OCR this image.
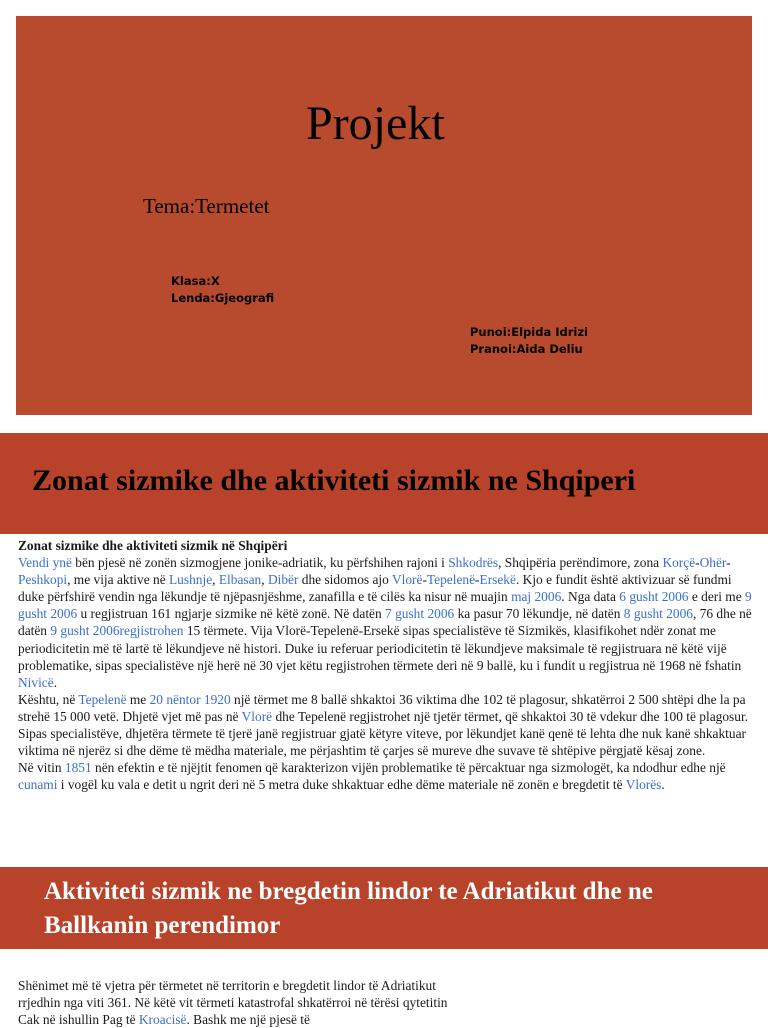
Projekt
Tema:Termetet
Klasa:X
Lenda:Gjeografi
Punoi:Elpida Idrizi
Pranoi:Aida Deliu
Zonat sizmike dhe aktiviteti sizmik ne Shqiperi

Zonat sizmike dhe aktiviteti sizmik në Shqipëri

Vendi ynë bën pjesë në zonën sizmogjene jonike-adriatik, ku përfshihen rajoni i Shkodrës, Shqipëria perëndimore, zona Korçë-Ohër-Peshkopi, me vija aktive në Lushnje, Elbasan, Dibër dhe sidomos ajo Vlorë-Tepelenë-Ersekë. Kjo e fundit është aktivizuar së fundmi duke përfshirë vendin nga lëkundje të njëpasnjëshme, zanafilla e të cilës ka nisur në muajin maj 2006. Nga data 6 gusht 2006 e deri me 9 gusht 2006 u regjistruan 161 ngjarje sizmike në këtë zonë. Në datën 7 gusht 2006 ka pasur 70 lëkundje, në datën 8 gusht 2006, 76 dhe në datën 9 gusht 2006regjistrohen 15 tërmete. Vija Vlorë-Tepelenë-Ersekë sipas specialistëve të Sizmikës, klasifikohet ndër zonat me periodicitetin më të lartë të lëkundjeve në histori. Duke iu referuar periodicitetin të lëkundjeve maksimale të regjistruara në këtë vijë problematike, sipas specialistëve një herë në 30 vjet këtu regjistrohen tërmete deri në 9 ballë, ku i fundit u regjistrua në 1968 në fshatin Nivicë.

Kështu, në Tepelenë me 20 nëntor 1920 një tërmet me 8 ballë shkaktoi 36 viktima dhe 102 të plagosur, shkatërroi 2 500 shtëpi dhe la pa strehë 15 000 vetë. Dhjetë vjet më pas në Vlorë dhe Tepelenë regjistrohet një tjetër tërmet, që shkaktoi 30 të vdekur dhe 100 të plagosur. Sipas specialistëve, dhjetëra tërmete të tjerë janë regjistruar gjatë këtyre viteve, por lëkundjet kanë qenë të lehta dhe nuk kanë shkaktuar viktima në njerëz si dhe dëme të mëdha materiale, me përjashtim të çarjes së mureve dhe suvave të shtëpive përgjatë kësaj zone.

Në vitin 1851 nën efektin e të njëjtit fenomen që karakterizon vijën problematike të përcaktuar nga sizmologët, ka ndodhur edhe një cunami i vogël ku vala e detit u ngrit deri në 5 metra duke shkaktuar edhe dëme materiale në zonën e bregdetit të Vlorës.

Aktiviteti sizmik ne bregdetin lindor te Adriatikut dhe ne Ballkanin perendimor

Shënimet më të vjetra për tërmetet në territorin e bregdetit lindor të Adriatikut rrjedhin nga viti 361. Në këtë vit tërmeti katastrofal shkatërroi në tërësi qytetitin Cak në ishullin Pag të Kroacisë. Bashk me një pjesë të
